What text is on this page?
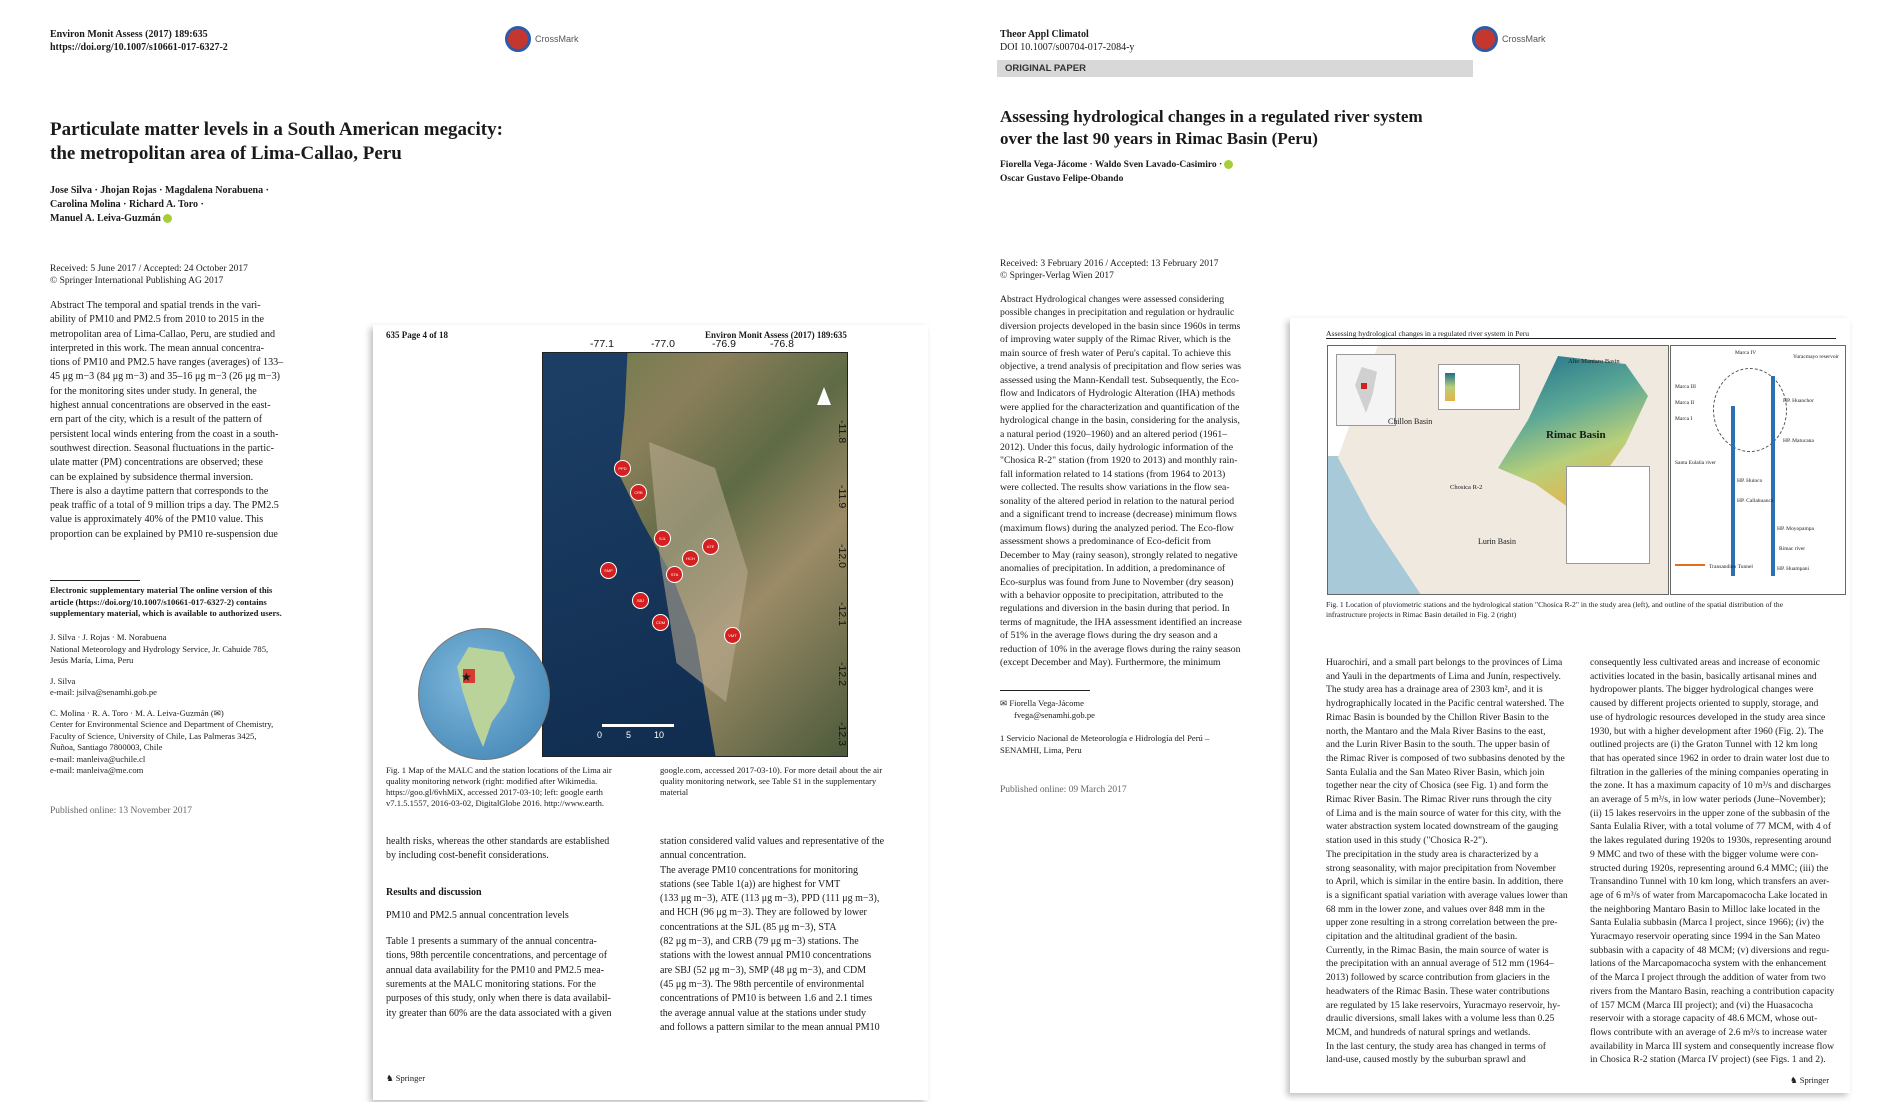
Environ Monit Assess (2017) 189:635
https://doi.org/10.1007/s10661-017-6327-2
CrossMark
Particulate matter levels in a South American megacity:
the metropolitan area of Lima-Callao, Peru
Jose Silva · Jhojan Rojas · Magdalena Norabuena ·
Carolina Molina · Richard A. Toro ·
Manuel A. Leiva-Guzmán
Received: 5 June 2017 / Accepted: 24 October 2017
© Springer International Publishing AG 2017
Abstract The temporal and spatial trends in the vari-
ability of PM10 and PM2.5 from 2010 to 2015 in the
metropolitan area of Lima-Callao, Peru, are studied and
interpreted in this work. The mean annual concentra-
tions of PM10 and PM2.5 have ranges (averages) of 133–
45 μg m−3 (84 μg m−3) and 35–16 μg m−3 (26 μg m−3)
for the monitoring sites under study. In general, the
highest annual concentrations are observed in the east-
ern part of the city, which is a result of the pattern of
persistent local winds entering from the coast in a south-
southwest direction. Seasonal fluctuations in the partic-
ulate matter (PM) concentrations are observed; these
can be explained by subsidence thermal inversion.
There is also a daytime pattern that corresponds to the
peak traffic of a total of 9 million trips a day. The PM2.5
value is approximately 40% of the PM10 value. This
proportion can be explained by PM10 re-suspension due
Electronic supplementary material The online version of this
article (https://doi.org/10.1007/s10661-017-6327-2) contains
supplementary material, which is available to authorized users.
J. Silva · J. Rojas · M. Norabuena
National Meteorology and Hydrology Service, Jr. Cahuide 785,
Jesús María, Lima, Peru
J. Silva
e-mail: jsilva@senamhi.gob.pe
C. Molina · R. A. Toro · M. A. Leiva-Guzmán (✉)
Center for Environmental Science and Department of Chemistry,
Faculty of Science, University of Chile, Las Palmeras 3425,
Ñuñoa, Santiago 7800003, Chile
e-mail: manleiva@uchile.cl
e-mail: manleiva@me.com
Published online: 13 November 2017
635 Page 4 of 18	Environ Monit Assess (2017) 189:635
PPD
CRB
SJL
HCH
ATE
SMP
STA
SBJ
VMT
CDM
0	5	10
-77.1	-77.0	-76.9	-76.8
-11.8
-11.9
-12.0
-12.1
-12.2
-12.3
★
Fig. 1 Map of the MALC and the station locations of the Lima air
quality monitoring network (right: modified after Wikimedia.
https://goo.gl/6vhMiX, accessed 2017-03-10; left: google earth
v7.1.5.1557, 2016-03-02, DigitalGlobe 2016. http://www.earth.
google.com, accessed 2017-03-10). For more detail about the air
quality monitoring network, see Table S1 in the supplementary
material
health risks, whereas the other standards are established
by including cost-benefit considerations.
Results and discussion
PM10 and PM2.5 annual concentration levels
Table 1 presents a summary of the annual concentra-
tions, 98th percentile concentrations, and percentage of
annual data availability for the PM10 and PM2.5 mea-
surements at the MALC monitoring stations. For the
purposes of this study, only when there is data availabil-
ity greater than 60% are the data associated with a given
station considered valid values and representative of the
annual concentration.
The average PM10 concentrations for monitoring
stations (see Table 1(a)) are highest for VMT
(133 μg m−3), ATE (113 μg m−3), PPD (111 μg m−3),
and HCH (96 μg m−3). They are followed by lower
concentrations at the SJL (85 μg m−3), STA
(82 μg m−3), and CRB (79 μg m−3) stations. The
stations with the lowest annual PM10 concentrations
are SBJ (52 μg m−3), SMP (48 μg m−3), and CDM
(45 μg m−3). The 98th percentile of environmental
concentrations of PM10 is between 1.6 and 2.1 times
the average annual value at the stations under study
and follows a pattern similar to the mean annual PM10
♞ Springer
Theor Appl Climatol
DOI 10.1007/s00704-017-2084-y
CrossMark
ORIGINAL PAPER
Assessing hydrological changes in a regulated river system
over the last 90 years in Rimac Basin (Peru)
Fiorella Vega-Jácome · Waldo Sven Lavado-Casimiro ·
Oscar Gustavo Felipe-Obando
Received: 3 February 2016 / Accepted: 13 February 2017
© Springer-Verlag Wien 2017
Abstract Hydrological changes were assessed considering
possible changes in precipitation and regulation or hydraulic
diversion projects developed in the basin since 1960s in terms
of improving water supply of the Rimac River, which is the
main source of fresh water of Peru's capital. To achieve this
objective, a trend analysis of precipitation and flow series was
assessed using the Mann-Kendall test. Subsequently, the Eco-
flow and Indicators of Hydrologic Alteration (IHA) methods
were applied for the characterization and quantification of the
hydrological change in the basin, considering for the analysis,
a natural period (1920–1960) and an altered period (1961–
2012). Under this focus, daily hydrologic information of the
"Chosica R-2" station (from 1920 to 2013) and monthly rain-
fall information related to 14 stations (from 1964 to 2013)
were collected. The results show variations in the flow sea-
sonality of the altered period in relation to the natural period
and a significant trend to increase (decrease) minimum flows
(maximum flows) during the analyzed period. The Eco-flow
assessment shows a predominance of Eco-deficit from
December to May (rainy season), strongly related to negative
anomalies of precipitation. In addition, a predominance of
Eco-surplus was found from June to November (dry season)
with a behavior opposite to precipitation, attributed to the
regulations and diversion in the basin during that period. In
terms of magnitude, the IHA assessment identified an increase
of 51% in the average flows during the dry season and a
reduction of 10% in the average flows during the rainy season
(except December and May). Furthermore, the minimum
✉ Fiorella Vega-Jácome
fvega@senamhi.gob.pe
1 Servicio Nacional de Meteorología e Hidrología del Perú –
SENAMHI, Lima, Peru
Published online: 09 March 2017
Assessing hydrological changes in a regulated river system in Peru
Chillon Basin
Rimac Basin
Lurin Basin
Chosica R-2
Alto Mantaro Basin
Marca IV
Yuracmayo reservoir
Marca III
Marca II
Marca I
HP. Huanchor
HP. Matucana
Santa Eulalia river
HP. Huinco
HP. Callahuanca
HP. Moyopampa
HP. Huampani
Rimac river
Transandino Tunnel
Fig. 1 Location of pluviometric stations and the hydrological station "Chosica R-2" in the study area (left), and outline of the spatial distribution of the
infrastructure projects in Rimac Basin detailed in Fig. 2 (right)
Huarochirí, and a small part belongs to the provinces of Lima
and Yauli in the departments of Lima and Junín, respectively.
The study area has a drainage area of 2303 km², and it is
hydrographically located in the Pacific central watershed. The
Rimac Basin is bounded by the Chillon River Basin to the
north, the Mantaro and the Mala River Basins to the east,
and the Lurin River Basin to the south. The upper basin of
the Rimac River is composed of two subbasins denoted by the
Santa Eulalia and the San Mateo River Basin, which join
together near the city of Chosica (see Fig. 1) and form the
Rimac River Basin. The Rimac River runs through the city
of Lima and is the main source of water for this city, with the
water abstraction system located downstream of the gauging
station used in this study ("Chosica R-2").
The precipitation in the study area is characterized by a
strong seasonality, with major precipitation from November
to April, which is similar in the entire basin. In addition, there
is a significant spatial variation with average values lower than
68 mm in the lower zone, and values over 848 mm in the
upper zone resulting in a strong correlation between the pre-
cipitation and the altitudinal gradient of the basin.
Currently, in the Rimac Basin, the main source of water is
the precipitation with an annual average of 512 mm (1964–
2013) followed by scarce contribution from glaciers in the
headwaters of the Rimac Basin. These water contributions
are regulated by 15 lake reservoirs, Yuracmayo reservoir, hy-
draulic diversions, small lakes with a volume less than 0.25
MCM, and hundreds of natural springs and wetlands.
In the last century, the study area has changed in terms of
land-use, caused mostly by the suburban sprawl and
consequently less cultivated areas and increase of economic
activities located in the basin, basically artisanal mines and
hydropower plants. The bigger hydrological changes were
caused by different projects oriented to supply, storage, and
use of hydrologic resources developed in the study area since
1930, but with a higher development after 1960 (Fig. 2). The
outlined projects are (i) the Graton Tunnel with 12 km long
that has operated since 1962 in order to drain water lost due to
filtration in the galleries of the mining companies operating in
the zone. It has a maximum capacity of 10 m³/s and discharges
an average of 5 m³/s, in low water periods (June–November);
(ii) 15 lakes reservoirs in the upper zone of the subbasin of the
Santa Eulalia River, with a total volume of 77 MCM, with 4 of
the lakes regulated during 1920s to 1930s, representing around
9 MMC and two of these with the bigger volume were con-
structed during 1920s, representing around 6.4 MMC; (iii) the
Transandino Tunnel with 10 km long, which transfers an aver-
age of 6 m³/s of water from Marcapomacocha Lake located in
the neighboring Mantaro Basin to Milloc lake located in the
Santa Eulalia subbasin (Marca I project, since 1966); (iv) the
Yuracmayo reservoir operating since 1994 in the San Mateo
subbasin with a capacity of 48 MCM; (v) diversions and regu-
lations of the Marcapomacocha system with the enhancement
of the Marca I project through the addition of water from two
rivers from the Mantaro Basin, reaching a contribution capacity
of 157 MCM (Marca III project); and (vi) the Huasacocha
reservoir with a storage capacity of 48.6 MCM, whose out-
flows contribute with an average of 2.6 m³/s to increase water
availability in Marca III system and consequently increase flow
in Chosica R-2 station (Marca IV project) (see Figs. 1 and 2).
♞ Springer
